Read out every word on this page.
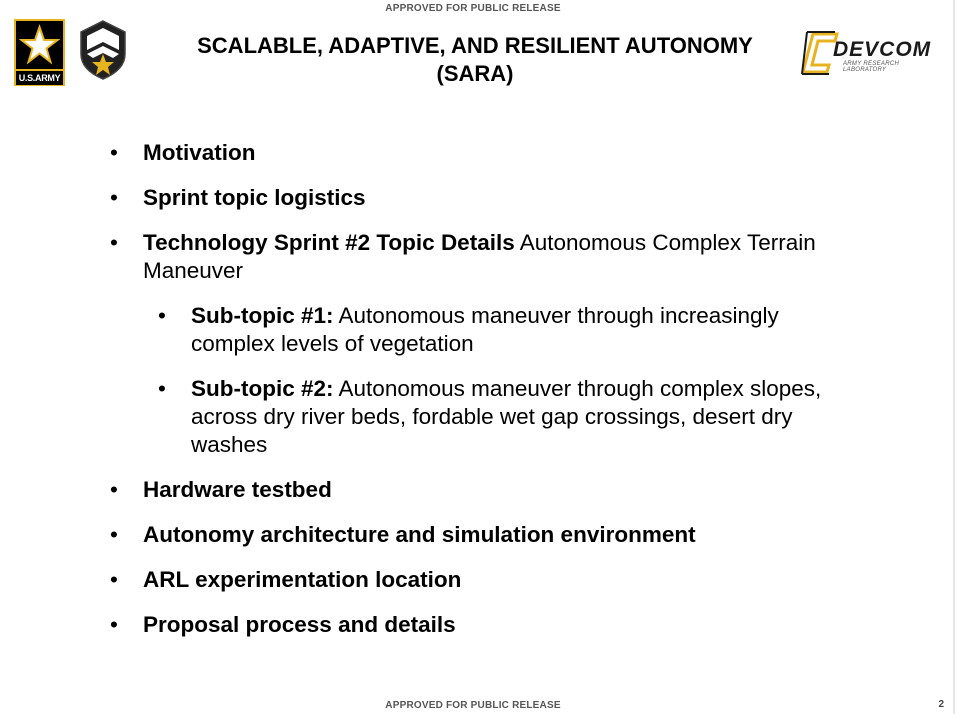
APPROVED FOR PUBLIC RELEASE
U.S.ARMY
SCALABLE, ADAPTIVE, AND RESILIENT AUTONOMY
(SARA)
DEVCOM
ARMY RESEARCH
LABORATORY
• Motivation
• Sprint topic logistics
• Technology Sprint #2 Topic Details Autonomous Complex Terrain Maneuver
• Sub-topic #1: Autonomous maneuver through increasingly complex levels of vegetation
• Sub-topic #2: Autonomous maneuver through complex slopes, across dry river beds, fordable wet gap crossings, desert dry washes
• Hardware testbed
• Autonomy architecture and simulation environment
• ARL experimentation location
• Proposal process and details
APPROVED FOR PUBLIC RELEASE	2
